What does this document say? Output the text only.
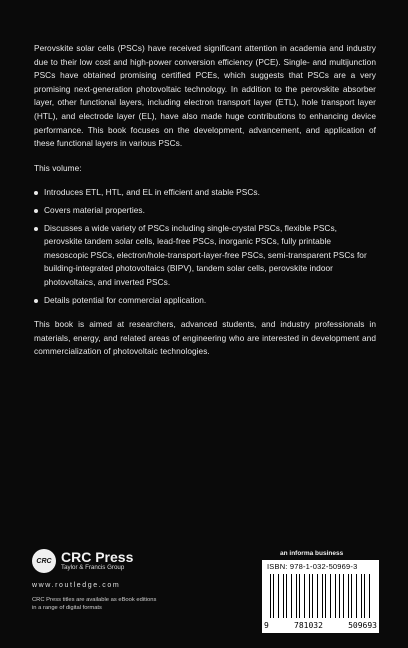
Perovskite solar cells (PSCs) have received significant attention in academia and industry due to their low cost and high-power conversion efficiency (PCE). Single- and multijunction PSCs have obtained promising certified PCEs, which suggests that PSCs are a very promising next-generation photovoltaic technology. In addition to the perovskite absorber layer, other functional layers, including electron transport layer (ETL), hole transport layer (HTL), and electrode layer (EL), have also made huge contributions to enhancing device performance. This book focuses on the development, advancement, and application of these functional layers in various PSCs.

This volume:

Introduces ETL, HTL, and EL in efficient and stable PSCs.
Covers material properties.
Discusses a wide variety of PSCs including single-crystal PSCs, flexible PSCs, perovskite tandem solar cells, lead-free PSCs, inorganic PSCs, fully printable mesoscopic PSCs, electron/hole-transport-layer-free PSCs, semi-transparent PSCs for building-integrated photovoltaics (BIPV), tandem solar cells, perovskite indoor photovoltaics, and inverted PSCs.
Details potential for commercial application.

This book is aimed at researchers, advanced students, and industry professionals in materials, energy, and related areas of engineering who are interested in development and commercialization of photovoltaic technologies.

CRC CRC Press
Taylor & Francis Group
www.routledge.com
CRC Press titles are available as eBook editions
in a range of digital formats
an informa business
ISBN: 978-1-032-50969-3
9	781032	509693
